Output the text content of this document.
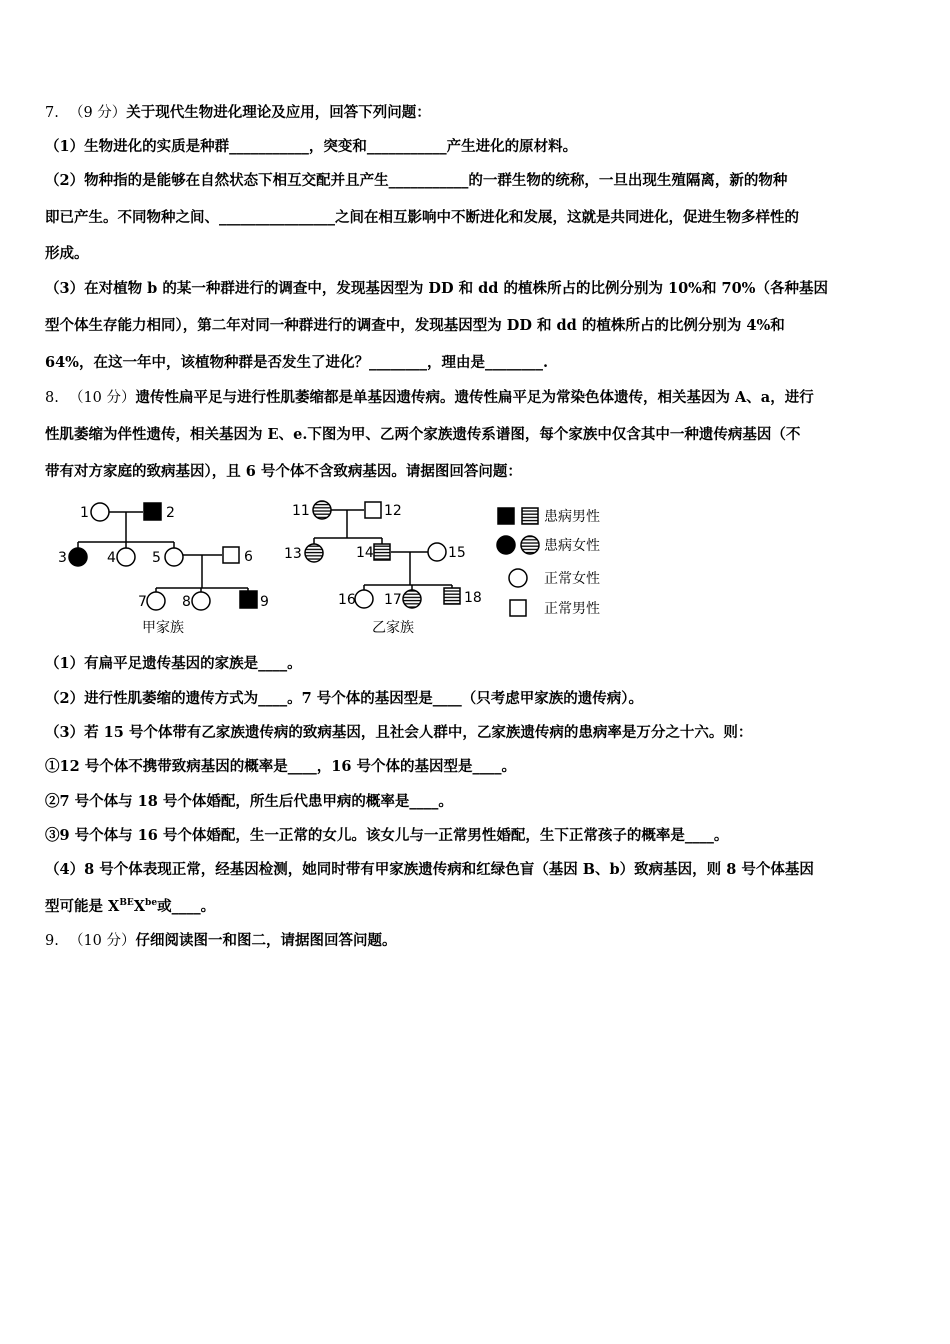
7. （9 分）关于现代生物进化理论及应用，回答下列问题：
（1）生物进化的实质是种群___________，突变和___________产生进化的原材料。
（2）物种指的是能够在自然状态下相互交配并且产生___________的一群生物的统称，一旦出现生殖隔离，新的物种
即已产生。不同物种之间、________________之间在相互影响中不断进化和发展，这就是共同进化，促进生物多样性的
形成。
（3）在对植物 b 的某一种群进行的调查中，发现基因型为 DD 和 dd 的植株所占的比例分别为 10%和 70%（各种基因
型个体生存能力相同），第二年对同一种群进行的调查中，发现基因型为 DD 和 dd 的植株所占的比例分别为 4%和
64%，在这一年中，该植物种群是否发生了进化？________，理由是________.
8. （10 分）遗传性扁平足与进行性肌萎缩都是单基因遗传病。遗传性扁平足为常染色体遗传，相关基因为 A、a，进行
性肌萎缩为伴性遗传，相关基因为 E、e.下图为甲、乙两个家族遗传系谱图，每个家族中仅含其中一种遗传病基因（不
带有对方家庭的致病基因），且 6 号个体不含致病基因。请据图回答问题：
1	2
3	4	5	6
7	8	9
11	12
13	14	15
16 17	18
甲家族	乙家族
患病男性
患病女性
正常女性
正常男性
（1）有扁平足遗传基因的家族是____。
（2）进行性肌萎缩的遗传方式为____。7 号个体的基因型是____（只考虑甲家族的遗传病）。
（3）若 15 号个体带有乙家族遗传病的致病基因，且社会人群中，乙家族遗传病的患病率是万分之十六。则：
①12 号个体不携带致病基因的概率是____，16 号个体的基因型是____。
②7 号个体与 18 号个体婚配，所生后代患甲病的概率是____。
③9 号个体与 16 号个体婚配，生一正常的女儿。该女儿与一正常男性婚配，生下正常孩子的概率是____。
（4）8 号个体表现正常，经基因检测，她同时带有甲家族遗传病和红绿色盲（基因 B、b）致病基因，则 8 号个体基因
型可能是 $X^{BE}X^{be}$或____。
9. （10 分）仔细阅读图一和图二，请据图回答问题。
